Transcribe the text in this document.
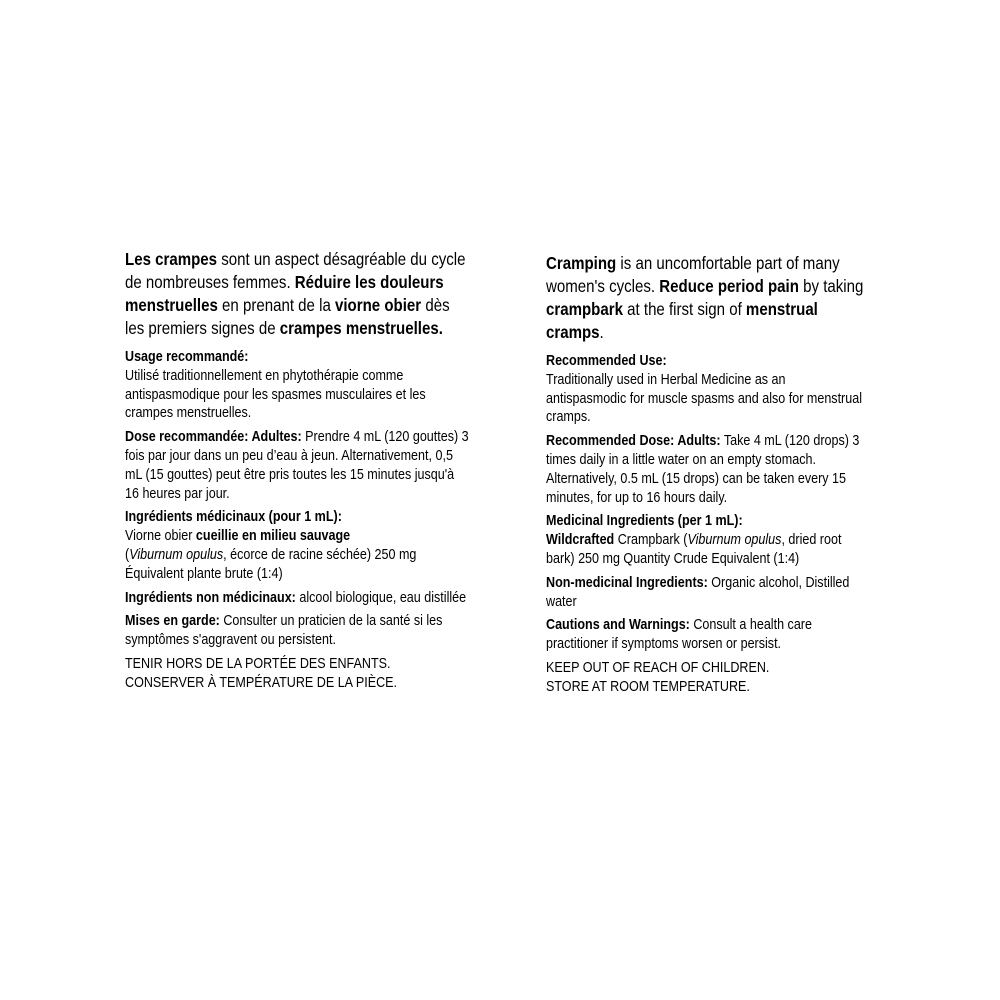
Les crampes sont un aspect désagréable du cycle de nombreuses femmes. Réduire les douleurs menstruelles en prenant de la viorne obier dès les premiers signes de crampes menstruelles.

Usage recommandé:
Utilisé traditionnellement en phytothérapie comme antispasmodique pour les spasmes musculaires et les crampes menstruelles.

Dose recommandée: Adultes: Prendre 4 mL (120 gouttes) 3 fois par jour dans un peu d’eau à jeun. Alternativement, 0,5 mL (15 gouttes) peut être pris toutes les 15 minutes jusqu'à 16 heures par jour.

Ingrédients médicinaux (pour 1 mL):
Viorne obier cueillie en milieu sauvage
(Viburnum opulus, écorce de racine séchée) 250 mg Équivalent plante brute (1:4)

Ingrédients non médicinaux: alcool biologique, eau distillée

Mises en garde: Consulter un praticien de la santé si les symptômes s'aggravent ou persistent.

TENIR HORS DE LA PORTÉE DES ENFANTS.
CONSERVER À TEMPÉRATURE DE LA PIÈCE.

Cramping is an uncomfortable part of many women's cycles. Reduce period pain by taking crampbark at the first sign of menstrual cramps.

Recommended Use:
Traditionally used in Herbal Medicine as an antispasmodic for muscle spasms and also for menstrual cramps.

Recommended Dose: Adults: Take 4 mL (120 drops) 3 times daily in a little water on an empty stomach. Alternatively, 0.5 mL (15 drops) can be taken every 15 minutes, for up to 16 hours daily.

Medicinal Ingredients (per 1 mL):
Wildcrafted Crampbark (Viburnum opulus, dried root bark) 250 mg Quantity Crude Equivalent (1:4)

Non-medicinal Ingredients: Organic alcohol, Distilled water

Cautions and Warnings: Consult a health care practitioner if symptoms worsen or persist.

KEEP OUT OF REACH OF CHILDREN.
STORE AT ROOM TEMPERATURE.
